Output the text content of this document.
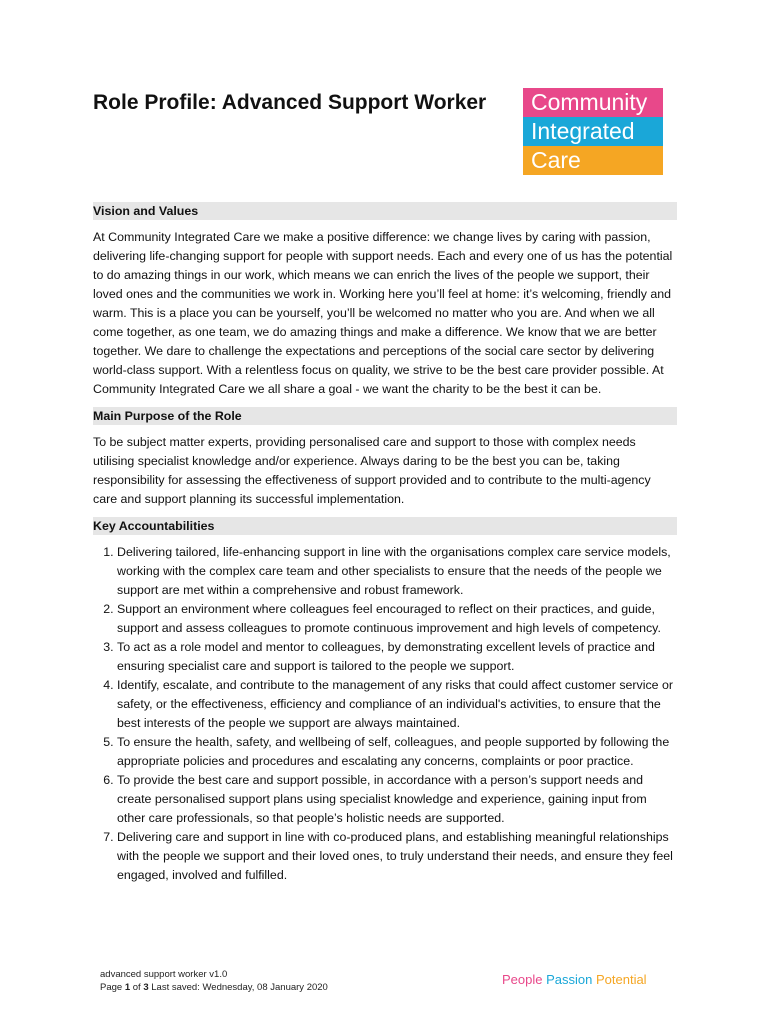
Role Profile: Advanced Support Worker	Community
Integrated
Care
Vision and Values

At Community Integrated Care we make a positive difference: we change lives by caring with passion, delivering life-changing support for people with support needs. Each and every one of us has the potential to do amazing things in our work, which means we can enrich the lives of the people we support, their loved ones and the communities we work in. Working here you’ll feel at home: it’s welcoming, friendly and warm. This is a place you can be yourself, you’ll be welcomed no matter who you are. And when we all come together, as one team, we do amazing things and make a difference. We know that we are better together. We dare to challenge the expectations and perceptions of the social care sector by delivering world-class support. With a relentless focus on quality, we strive to be the best care provider possible. At Community Integrated Care we all share a goal - we want the charity to be the best it can be.

Main Purpose of the Role

To be subject matter experts, providing personalised care and support to those with complex needs utilising specialist knowledge and/or experience. Always daring to be the best you can be, taking responsibility for assessing the effectiveness of support provided and to contribute to the multi-agency care and support planning its successful implementation.

Key Accountabilities
1. Delivering tailored, life-enhancing support in line with the organisations complex care service models, working with the complex care team and other specialists to ensure that the needs of the people we support are met within a comprehensive and robust framework.
2. Support an environment where colleagues feel encouraged to reflect on their practices, and guide, support and assess colleagues to promote continuous improvement and high levels of competency.
3. To act as a role model and mentor to colleagues, by demonstrating excellent levels of practice and ensuring specialist care and support is tailored to the people we support.
4. Identify, escalate, and contribute to the management of any risks that could affect customer service or safety, or the effectiveness, efficiency and compliance of an individual's activities, to ensure that the best interests of the people we support are always maintained.
5. To ensure the health, safety, and wellbeing of self, colleagues, and people supported by following the appropriate policies and procedures and escalating any concerns, complaints or poor practice.
6. To provide the best care and support possible, in accordance with a person’s support needs and create personalised support plans using specialist knowledge and experience, gaining input from other care professionals, so that people’s holistic needs are supported.
7. Delivering care and support in line with co-produced plans, and establishing meaningful relationships with the people we support and their loved ones, to truly understand their needs, and ensure they feel engaged, involved and fulfilled.
advanced support worker v1.0
Page 1 of 3 Last saved: Wednesday, 08 January 2020
People Passion Potential
